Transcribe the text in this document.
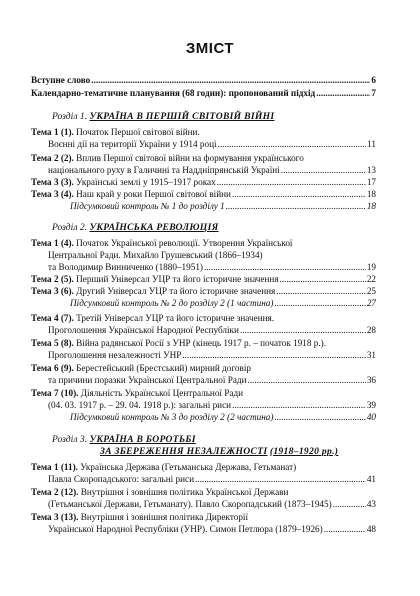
ЗМІСТ
Вступне слово .....	6
Календарно-тематичне планування (68 годин): пропонований підхід .....	7
Розділ 1. УКРАЇНА В ПЕРШІЙ СВІТОВІЙ ВІЙНІ
Тема 1 (1). Початок Першої світової війни.
Воєнні дії на території України у 1914 році .....	11
Тема 2 (2). Вплив Першої світової війни на формування українського
національного руху в Галичині та Наддніпрянській Україні .....	13
Тема 3 (3). Українські землі у 1915–1917 роках .....	17
Тема 3 (4). Наш край у роки Першої світової війни .....	18
Підсумковий контроль № 1 до розділу 1 .....	18
Розділ 2. УКРАЇНСЬКА РЕВОЛЮЦІЯ
Тема 1 (4). Початок Української революції. Утворення Української
Центральної Ради. Михайло Грушевський (1866–1934)
та Володимир Винниченко (1880–1951) .....	19
Тема 2 (5). Перший Універсал УЦР та його історичне значення .....	22
Тема 3 (6). Другий Універсал УЦР та його історичне значення .....	25
Підсумковий контроль № 2 до розділу 2 (1 частина) .....	27
Тема 4 (7). Третій Універсал УЦР та його історичне значення.
Проголошення Української Народної Республіки .....	28
Тема 5 (8). Війна радянської Росії з УНР (кінець 1917 р. – початок 1918 р.).
Проголошення незалежності УНР .....	31
Тема 6 (9). Берестейський (Брестський) мирний договір
та причини поразки Української Центральної Ради .....	36
Тема 7 (10). Діяльність Української Центральної Ради
(04. 03. 1917 р. – 29. 04. 1918 р.): загальні риси .....	39
Підсумковий контроль № 3 до розділу 2 (2 частина) .....	40
Розділ 3. УКРАЇНА В БОРОТЬБІ
ЗА ЗБЕРЕЖЕННЯ НЕЗАЛЕЖНОСТІ (1918–1920 рр.)
Тема 1 (11). Українська Держава (Гетьманська Держава, Гетьманат)
Павла Скоропадського: загальні риси .....	41
Тема 2 (12). Внутрішня і зовнішня політика Української Держави
(Гетьманської Держави, Гетьманату). Павло Скоропадський (1873–1945) .....	43
Тема 3 (13). Внутрішня і зовнішня політика Директорії
Української Народної Республіки (УНР). Симон Петлюра (1879–1926) .....	48
